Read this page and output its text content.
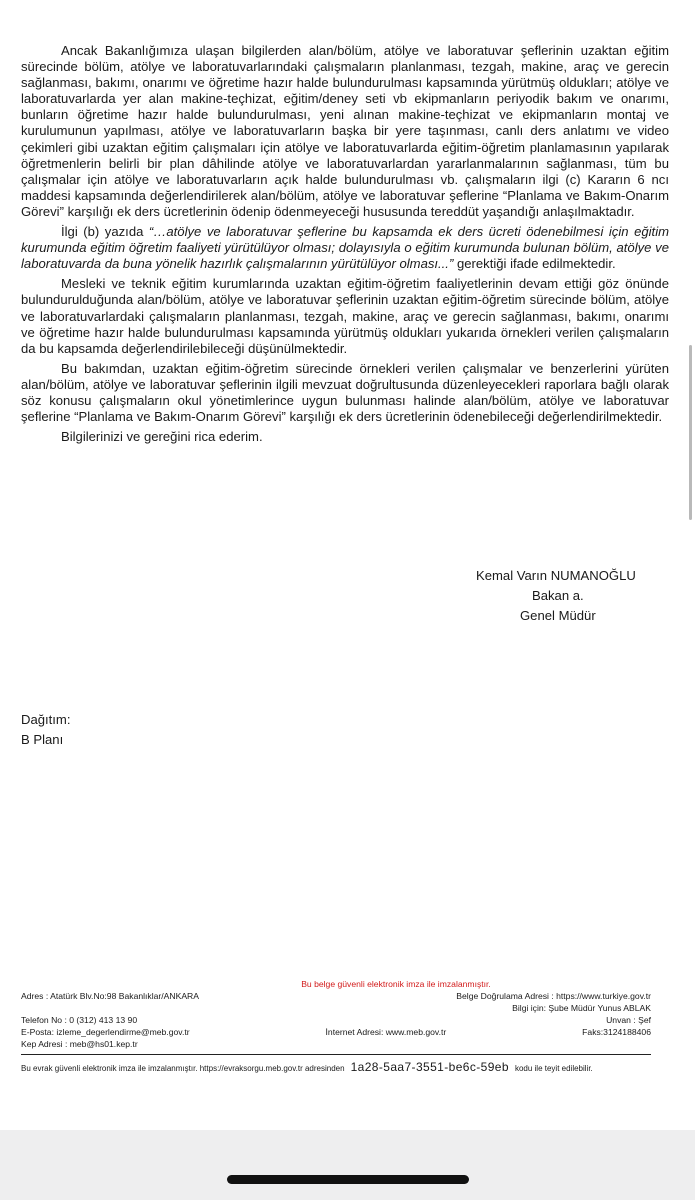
Ancak Bakanlığımıza ulaşan bilgilerden alan/bölüm, atölye ve laboratuvar şeflerinin uzaktan eğitim sürecinde bölüm, atölye ve laboratuvarlarındaki çalışmaların planlanması, tezgah, makine, araç ve gerecin sağlanması, bakımı, onarımı ve öğretime hazır halde bulundurulması kapsamında yürütmüş oldukları; atölye ve laboratuvarlarda yer alan makine-teçhizat, eğitim/deney seti vb ekipmanların periyodik bakım ve onarımı, bunların öğretime hazır halde bulundurulması, yeni alınan makine-teçhizat ve ekipmanların montaj ve kurulumunun yapılması, atölye ve laboratuvarların başka bir yere taşınması, canlı ders anlatımı ve video çekimleri gibi uzaktan eğitim çalışmaları için atölye ve laboratuvarlarda eğitim-öğretim planlamasının yapılarak öğretmenlerin belirli bir plan dâhilinde atölye ve laboratuvarlardan yararlanmalarının sağlanması, tüm bu çalışmalar için atölye ve laboratuvarların açık halde bulundurulması vb. çalışmaların ilgi (c) Kararın 6 ncı maddesi kapsamında değerlendirilerek alan/bölüm, atölye ve laboratuvar şeflerine “Planlama ve Bakım-Onarım Görevi” karşılığı ek ders ücretlerinin ödenip ödenmeyeceği hususunda tereddüt yaşandığı anlaşılmaktadır.

İlgi (b) yazıda “…atölye ve laboratuvar şeflerine bu kapsamda ek ders ücreti ödenebilmesi için eğitim kurumunda eğitim öğretim faaliyeti yürütülüyor olması; dolayısıyla o eğitim kurumunda bulunan bölüm, atölye ve laboratuvarda da buna yönelik hazırlık çalışmalarının yürütülüyor olması...” gerektiği ifade edilmektedir.

Mesleki ve teknik eğitim kurumlarında uzaktan eğitim-öğretim faaliyetlerinin devam ettiği göz önünde bulundurulduğunda alan/bölüm, atölye ve laboratuvar şeflerinin uzaktan eğitim-öğretim sürecinde bölüm, atölye ve laboratuvarlardaki çalışmaların planlanması, tezgah, makine, araç ve gerecin sağlanması, bakımı, onarımı ve öğretime hazır halde bulundurulması kapsamında yürütmüş oldukları yukarıda örnekleri verilen çalışmaların da bu kapsamda değerlendirilebileceği düşünülmektedir.

Bu bakımdan, uzaktan eğitim-öğretim sürecinde örnekleri verilen çalışmalar ve benzerlerini yürüten alan/bölüm, atölye ve laboratuvar şeflerinin ilgili mevzuat doğrultusunda düzenleyecekleri raporlara bağlı olarak söz konusu çalışmaların okul yönetimlerince uygun bulunması halinde alan/bölüm, atölye ve laboratuvar şeflerine “Planlama ve Bakım-Onarım Görevi” karşılığı ek ders ücretlerinin ödenebileceği değerlendirilmektedir.

Bilgilerinizi ve gereğini rica ederim.

Kemal Varın NUMANOĞLU
Bakan a.
Genel Müdür
Dağıtım:
B Planı
Bu belge güvenli elektronik imza ile imzalanmıştır.
Adres : Atatürk Blv.No:98 Bakanlıklar/ANKARA	Belge Doğrulama Adresi : https://www.turkiye.gov.tr
Bilgi için: Şube Müdür Yunus ABLAK
Telefon No : 0 (312) 413 13 90	Unvan : Şef
E-Posta: izleme_degerlendirme@meb.gov.tr	İnternet Adresi: www.meb.gov.tr	Faks:3124188406
Kep Adresi : meb@hs01.kep.tr
Bu evrak güvenli elektronik imza ile imzalanmıştır. https://evraksorgu.meb.gov.tr adresinden 1a28-5aa7-3551-be6c-59eb kodu ile teyit edilebilir.
